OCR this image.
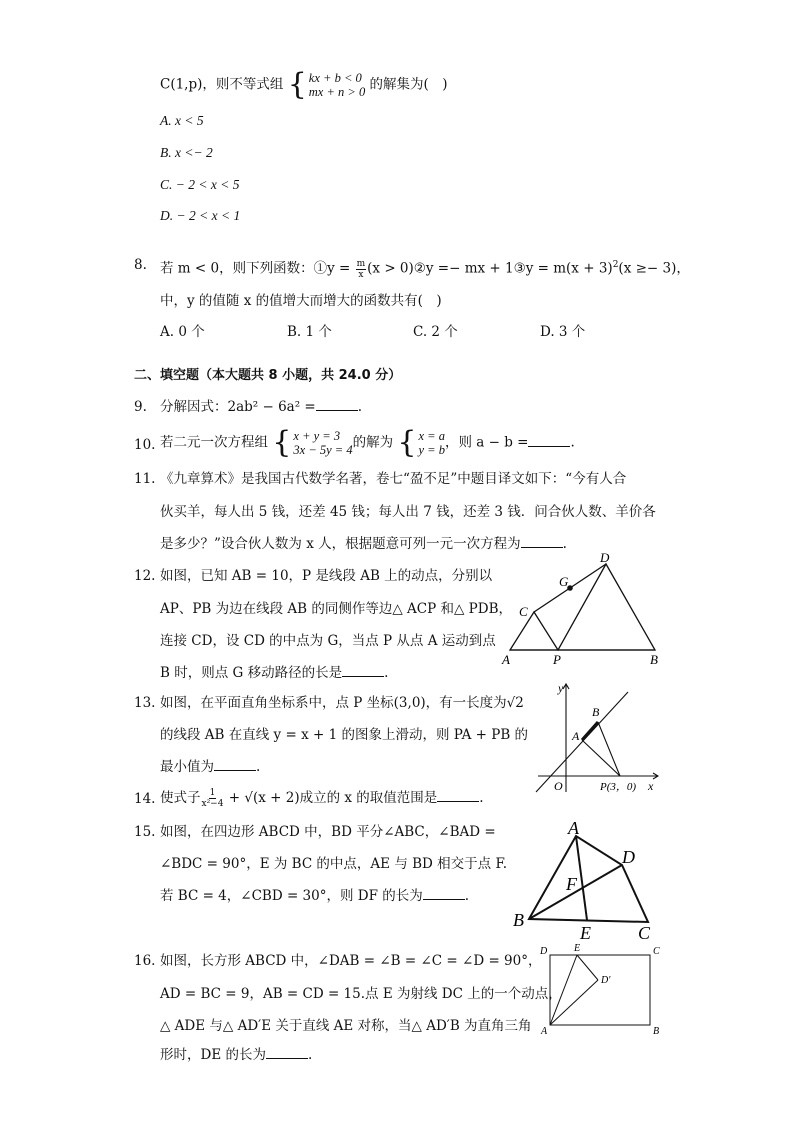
C(1,p)，则不等式组 { kx + b < 0
mx + n > 0 的解集为(　)
A. x < 5
B. x <− 2
C. − 2 < x < 5
D. − 2 < x < 1
8. 若 m < 0，则下列函数：①y = $\frac{m}{x} (x$ > 0)②y =− mx + 1③y = $m(x + 3)^2(x \ge- 3)$，
中，y 的值随 x 的值增大而增大的函数共有(　)
A. 0 个	B. 1 个	C. 2 个	D. 3 个
二、填空题（本大题共 8 小题，共 24.0 分）
9. 分解因式：2ab² − 6a² =	.
10. 若二元一次方程组 { x + y = 3
3x − 5y = 4 的解为 { x = a
y = b ，则 a − b =	.
11. 《九章算术》是我国古代数学名著，卷七“盈不足”中题目译文如下：“今有人合
伙买羊，每人出 5 钱，还差 45 钱；每人出 7 钱，还差 3 钱．问合伙人数、羊价各
是多少？”设合伙人数为 x 人，根据题意可列一元一次方程为	.
12. 如图，已知 AB = 10，P 是线段 AB 上的动点，分别以
AP、PB 为边在线段 AB 的同侧作等边△ ACP 和△ PDB，
连接 CD，设 CD 的中点为 G，当点 P 从点 A 运动到点
B 时，则点 G 移动路径的长是	.
A	P	B
C
D
G
13. 如图，在平面直角坐标系中，点 P 坐标(3,0)，有一长度为√2
的线段 AB 在直线 y = x + 1 的图象上滑动，则 PA + PB 的
最小值为	.
y
B
A
O	P(3，0) x
14. 使式子 $\frac{1}{\text{x²−4}} + √(x + 2)$成立的 x 的取值范围是	.
15. 如图，在四边形 ABCD 中，BD 平分∠ABC，∠BAD =
∠BDC = 90°，E 为 BC 的中点，AE 与 BD 相交于点 F.
若 BC = 4，∠CBD = 30°，则 DF 的长为	.
A
D
F
B
E	C
16. 如图，长方形 ABCD 中，∠DAB = ∠B = ∠C = ∠D = 90°，
AD = BC = 9，AB = CD = 15.点 E 为射线 DC 上的一个动点，
△ ADE 与△ AD′E 关于直线 AE 对称，当△ AD′B 为直角三角
形时，DE 的长为	.
D	E	C
D'
A	B
